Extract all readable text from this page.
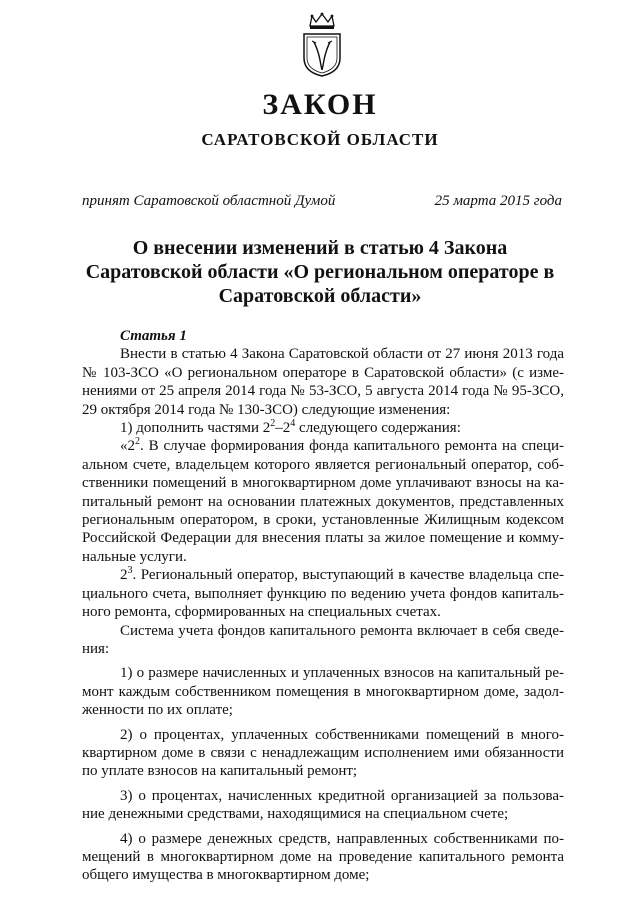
ЗАКОН
САРАТОВСКОЙ ОБЛАСТИ
принят Саратовской областной Думой	25 марта 2015 года
О внесении изменений в статью 4 Закона
Саратовской области «О региональном операторе в
Саратовской области»

Статья 1

Внести в статью 4 Закона Саратовской области от 27 июня 2013 года № 103-ЗСО «О региональном операторе в Саратовской области» (с изме- нениями от 25 апреля 2014 года № 53-ЗСО, 5 августа 2014 года № 95-ЗСО, 29 октября 2014 года № 130-ЗСО) следующие изменения:

1) дополнить частями $2^2-2^4$ следующего содержания:

«$2^2$. В случае формирования фонда капитального ремонта на специ- альном счете, владельцем которого является региональный оператор, соб- ственники помещений в многоквартирном доме уплачивают взносы на ка- питальный ремонт на основании платежных документов, представленных региональным оператором, в сроки, установленные Жилищным кодексом Российской Федерации для внесения платы за жилое помещение и комму- нальные услуги.

$2^3$. Региональный оператор, выступающий в качестве владельца спе- циального счета, выполняет функцию по ведению учета фондов капиталь- ного ремонта, сформированных на специальных счетах.

Система учета фондов капитального ремонта включает в себя сведе- ния:

1) о размере начисленных и уплаченных взносов на капитальный ре- монт каждым собственником помещения в многоквартирном доме, задол- женности по их оплате;

2) о процентах, уплаченных собственниками помещений в много- квартирном доме в связи с ненадлежащим исполнением ими обязанности по уплате взносов на капитальный ремонт;

3) о процентах, начисленных кредитной организацией за пользова- ние денежными средствами, находящимися на специальном счете;

4) о размере денежных средств, направленных собственниками по- мещений в многоквартирном доме на проведение капитального ремонта общего имущества в многоквартирном доме;
